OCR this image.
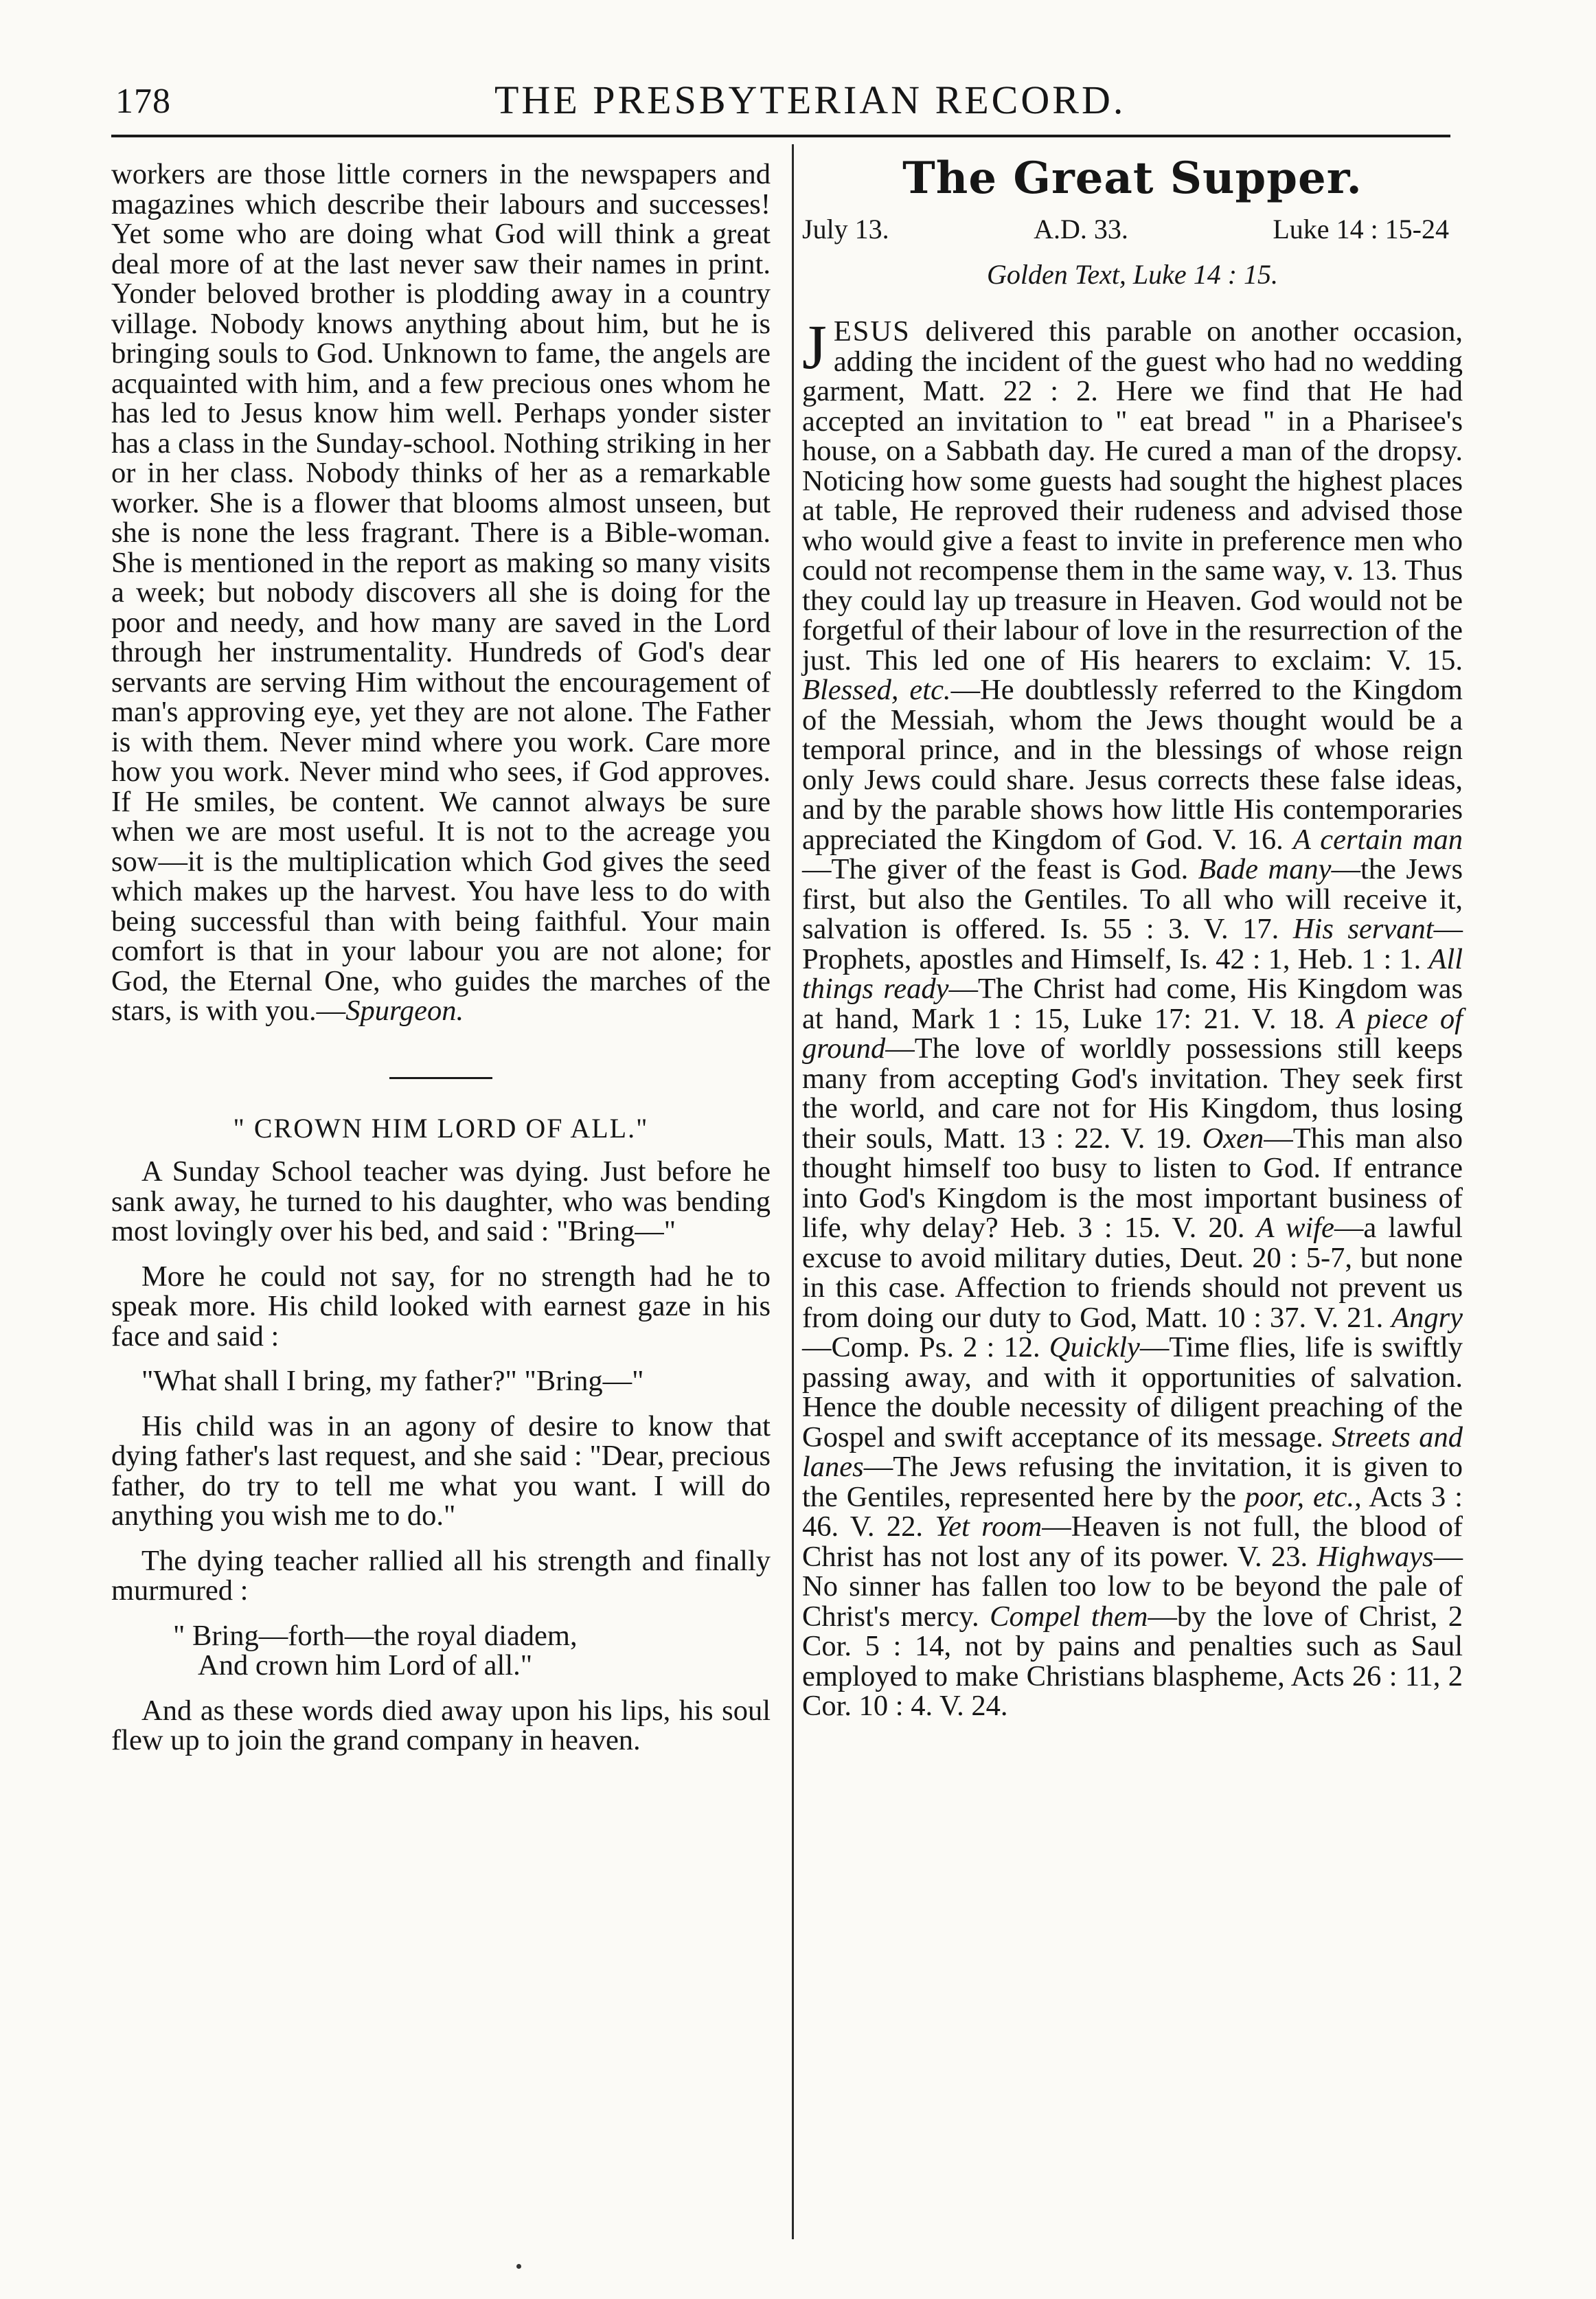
178	THE PRESBYTERIAN RECORD.

workers are those little corners in the newspapers and magazines which describe their labours and successes! Yet some who are doing what God will think a great deal more of at the last never saw their names in print. Yonder beloved brother is plodding away in a country village. Nobody knows anything about him, but he is bringing souls to God. Unknown to fame, the angels are acquainted with him, and a few precious ones whom he has led to Jesus know him well. Perhaps yonder sister has a class in the Sunday-school. Nothing striking in her or in her class. Nobody thinks of her as a remarkable worker. She is a flower that blooms almost unseen, but she is none the less fragrant. There is a Bible-woman. She is mentioned in the report as making so many visits a week; but nobody discovers all she is doing for the poor and needy, and how many are saved in the Lord through her instrumentality. Hundreds of God's dear servants are serving Him without the encouragement of man's approving eye, yet they are not alone. The Father is with them. Never mind where you work. Care more how you work. Never mind who sees, if God approves. If He smiles, be content. We cannot always be sure when we are most useful. It is not to the acreage you sow—it is the multiplication which God gives the seed which makes up the harvest. You have less to do with being successful than with being faithful. Your main comfort is that in your labour you are not alone; for God, the Eternal One, who guides the marches of the stars, is with you.—Spurgeon.

" CROWN HIM LORD OF ALL."

A Sunday School teacher was dying. Just before he sank away, he turned to his daughter, who was bending most lovingly over his bed, and said : "Bring—"

More he could not say, for no strength had he to speak more. His child looked with earnest gaze in his face and said :

"What shall I bring, my father?" "Bring—"

His child was in an agony of desire to know that dying father's last request, and she said : "Dear, precious father, do try to tell me what you want. I will do anything you wish me to do."

The dying teacher rallied all his strength and finally murmured :

" Bring—forth—the royal diadem,

And crown him Lord of all."

And as these words died away upon his lips, his soul flew up to join the grand company in heaven.

The Great Supper.
July 13.	A.D. 33.	Luke 14 : 15-24
Golden Text, Luke 14 : 15.

JESUS delivered this parable on another occasion, adding the incident of the guest who had no wedding garment, Matt. 22 : 2. Here we find that He had accepted an invitation to " eat bread " in a Pharisee's house, on a Sabbath day. He cured a man of the dropsy. Noticing how some guests had sought the highest places at table, He reproved their rudeness and advised those who would give a feast to invite in preference men who could not recompense them in the same way, v. 13. Thus they could lay up treasure in Heaven. God would not be forgetful of their labour of love in the resurrection of the just. This led one of His hearers to exclaim: V. 15. Blessed, etc.—He doubtlessly referred to the Kingdom of the Messiah, whom the Jews thought would be a temporal prince, and in the blessings of whose reign only Jews could share. Jesus corrects these false ideas, and by the parable shows how little His contemporaries appreciated the Kingdom of God. V. 16. A certain man—The giver of the feast is God. Bade many—the Jews first, but also the Gentiles. To all who will receive it, salvation is offered. Is. 55 : 3. V. 17. His servant— Prophets, apostles and Himself, Is. 42 : 1, Heb. 1 : 1. All things ready—The Christ had come, His Kingdom was at hand, Mark 1 : 15, Luke 17: 21. V. 18. A piece of ground—The love of worldly possessions still keeps many from accepting God's invitation. They seek first the world, and care not for His Kingdom, thus losing their souls, Matt. 13 : 22. V. 19. Oxen—This man also thought himself too busy to listen to God. If entrance into God's Kingdom is the most important business of life, why delay? Heb. 3 : 15. V. 20. A wife—a lawful excuse to avoid military duties, Deut. 20 : 5-7, but none in this case. Affection to friends should not prevent us from doing our duty to God, Matt. 10 : 37. V. 21. Angry—Comp. Ps. 2 : 12. Quickly—Time flies, life is swiftly passing away, and with it opportunities of salvation. Hence the double necessity of diligent preaching of the Gospel and swift acceptance of its message. Streets and lanes—The Jews refusing the invitation, it is given to the Gentiles, represented here by the poor, etc., Acts 3 : 46. V. 22. Yet room—Heaven is not full, the blood of Christ has not lost any of its power. V. 23. Highways— No sinner has fallen too low to be beyond the pale of Christ's mercy. Compel them—by the love of Christ, 2 Cor. 5 : 14, not by pains and penalties such as Saul employed to make Christians blaspheme, Acts 26 : 11, 2 Cor. 10 : 4. V. 24.
